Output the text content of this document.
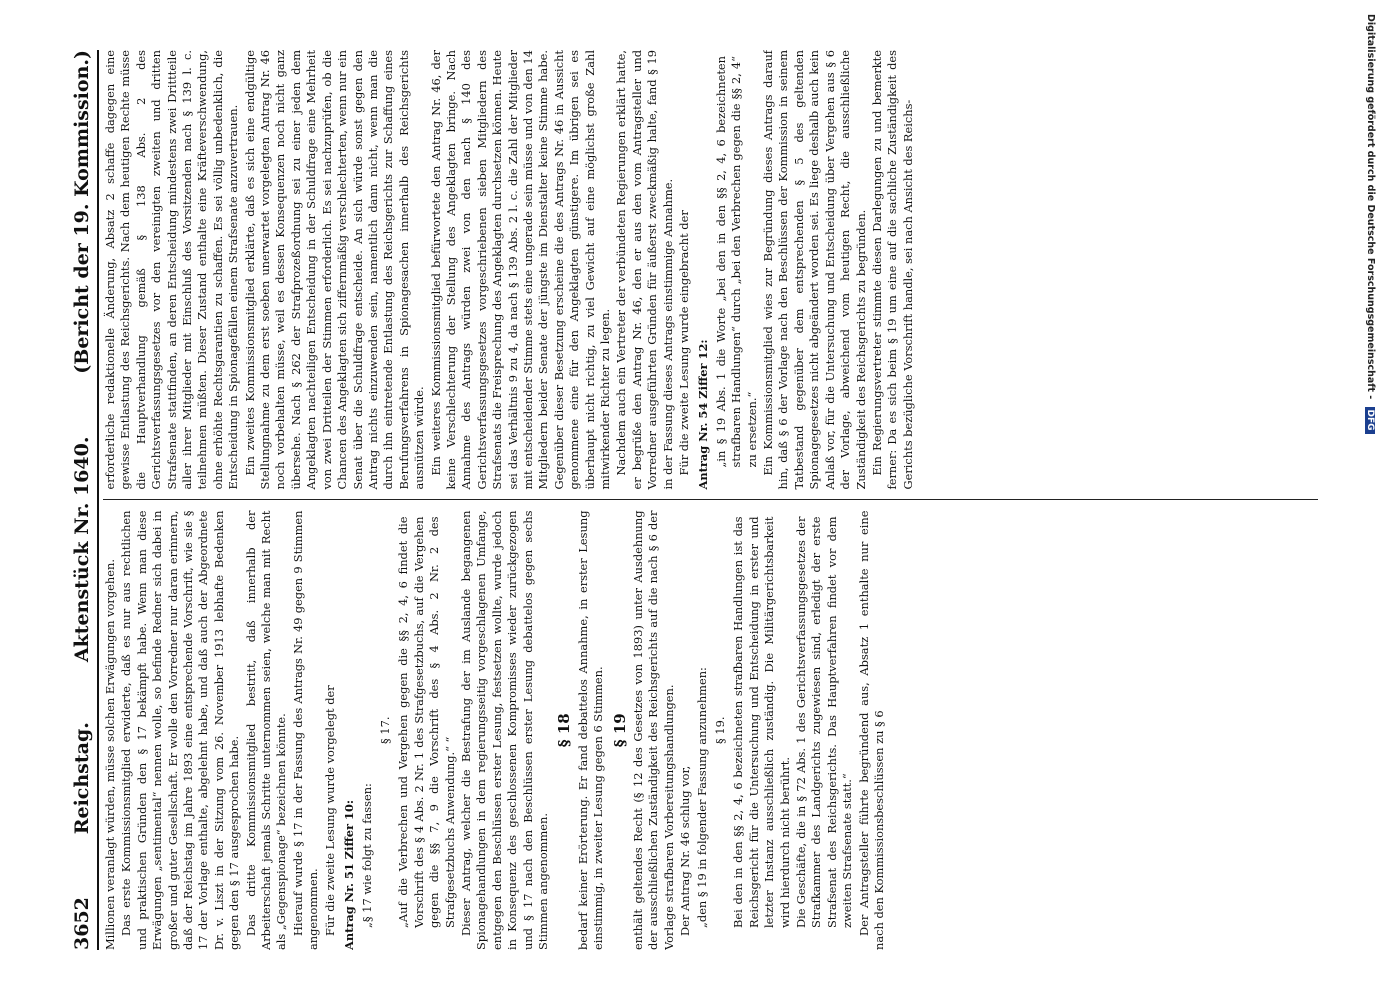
3652
Reichstag.
Aktenstück Nr. 1640.
(Bericht der 19. Kommission.)

Millionen veranlagt würden, müsse solchen Erwägungen vorgehen. Das erste Kommissionsmitglied erwiderte, daß es nur aus rechtlichen und praktischen Gründen den § 17 bekämpft habe. Wenn man diese Erwägungen „sentimental“ nennen wolle, so befinde Redner sich dabei in großer und guter Gesellschaft. Er wolle den Vorredner nur daran erinnern, daß der Reichstag im Jahre 1893 eine entsprechende Vorschrift, wie sie § 17 der Vorlage enthalte, abgelehnt habe, und daß auch der Abgeordnete Dr. v. Liszt in der Sitzung vom 26. November 1913 lebhafte Bedenken gegen den § 17 ausgesprochen habe. Das dritte Kommissionsmitglied bestritt, daß innerhalb der Arbeiterschaft jemals Schritte unternommen seien, welche man mit Recht als „Gegenspionage“ bezeichnen könnte. Hierauf wurde § 17 in der Fassung des Antrags Nr. 49 gegen 9 Stimmen angenommen. Für die zweite Lesung wurde vorgelegt der Antrag Nr. 51 Ziffer 10: „§ 17 wie folgt zu fassen:

§ 17. „Auf die Verbrechen und Vergehen gegen die §§ 2, 4, 6 findet die Vorschrift des § 4 Abs. 2 Nr. 1 des Strafgesetzbuchs, auf die Vergehen gegen die §§ 7, 9 die Vorschrift des § 4 Abs. 2 Nr. 2 des Strafgesetzbuchs Anwendung.“ “ Dieser Antrag, welcher die Bestrafung der im Auslande begangenen Spionagehandlungen in dem regierungsseitig vorgeschlagenen Umfange, entgegen den Beschlüssen erster Lesung, festsetzen wollte, wurde jedoch in Konsequenz des geschlossenen Kompromisses wieder zurückgezogen und § 17 nach den Beschlüssen erster Lesung debattelos gegen sechs Stimmen angenommen.

§ 18 bedarf keiner Erörterung. Er fand debattelos Annahme, in erster Lesung einstimmig, in zweiter Lesung gegen 6 Stimmen. § 19 enthält geltendes Recht (§ 12 des Gesetzes von 1893) unter Ausdehnung der ausschließlichen Zuständigkeit des Reichsgerichts auf die nach § 6 der Vorlage strafbaren Vorbereitungshandlungen. Der Antrag Nr. 46 schlug vor, „den § 19 in folgender Fassung anzunehmen: § 19. Bei den in den §§ 2, 4, 6 bezeichneten strafbaren Handlungen ist das Reichsgericht für die Untersuchung und Entscheidung in erster und letzter Instanz ausschließlich zuständig. Die Militärgerichtsbarkeit wird hierdurch nicht berührt. Die Geschäfte, die in § 72 Abs. 1 des Gerichtsverfassungsgesetzes der Strafkammer des Landgerichts zugewiesen sind, erledigt der erste Strafsenat des Reichsgerichts. Das Hauptverfahren findet vor dem zweiten Strafsenate statt.“ Der Antragsteller führte begründend aus, Absatz 1 enthalte nur eine nach den Kommissionsbeschlüssen zu § 6

erforderliche redaktionelle Änderung, Absatz 2 schaffe dagegen eine gewisse Entlastung des Reichsgerichts. Nach dem heutigen Rechte müsse die Hauptverhandlung gemäß § 138 Abs. 2 des Gerichtsverfassungsgesetzes vor den vereinigten zweiten und dritten Strafsenate stattfinden, an deren Entscheidung mindestens zwei Drittteile aller ihrer Mitglieder mit Einschluß des Vorsitzenden nach § 139 l. c. teilnehmen müßten. Dieser Zustand enthalte eine Kräfteverschwendung, ohne erhöhte Rechtsgarantien zu schaffen. Es sei völlig unbedenklich, die Entscheidung in Spionagefällen einem Strafsenate anzuvertrauen. Ein zweites Kommissionsmitglied erklärte, daß es sich eine endgültige Stellungnahme zu dem erst soeben unerwartet vorgelegten Antrag Nr. 46 noch vorbehalten müsse, weil es dessen Konsequenzen noch nicht ganz übersehe. Nach § 262 der Strafprozeßordnung sei zu einer jeden dem Angeklagten nachteiligen Entscheidung in der Schuldfrage eine Mehrheit von zwei Dritteilen der Stimmen erforderlich. Es sei nachzuprüfen, ob die Chancen des Angeklagten sich ziffernmäßig verschlechterten, wenn nur ein Senat über die Schuldfrage entscheide. An sich würde sonst gegen den Antrag nichts einzuwenden sein, namentlich dann nicht, wenn man die durch ihn eintretende Entlastung des Reichsgerichts zur Schaffung eines Berufungsverfahrens in Spionagesachen innerhalb des Reichsgerichts ausnützen würde. Ein weiteres Kommissionsmitglied befürwortete den Antrag Nr. 46, der keine Verschlechterung der Stellung des Angeklagten bringe. Nach Annahme des Antrags würden zwei von den nach § 140 des Gerichtsverfassungsgesetzes vorgeschriebenen sieben Mitgliedern des Strafsenats die Freisprechung des Angeklagten durchsetzen können. Heute sei das Verhältnis 9 zu 4, da nach § 139 Abs. 2 l. c. die Zahl der Mitglieder mit entscheidender Stimme stets eine ungerade sein müsse und von den 14 Mitgliedern beider Senate der jüngste im Dienstalter keine Stimme habe. Gegenüber dieser Besetzung erscheine die des Antrags Nr. 46 in Aussicht genommene eine für den Angeklagten günstigere. Im übrigen sei es überhaupt nicht richtig, zu viel Gewicht auf eine möglichst große Zahl mitwirkender Richter zu legen. Nachdem auch ein Vertreter der verbündeten Regierungen erklärt hatte, er begrüße den Antrag Nr. 46, den er aus den vom Antragsteller und Vorredner ausgeführten Gründen für äußerst zweckmäßig halte, fand § 19 in der Fassung dieses Antrags einstimmige Annahme. Für die zweite Lesung wurde eingebracht der Antrag Nr. 54 Ziffer 12: „in § 19 Abs. 1 die Worte „bei den in den §§ 2, 4, 6 bezeichneten strafbaren Handlungen“ durch „bei den Verbrechen gegen die §§ 2, 4“ zu ersetzen.“ Ein Kommissionsmitglied wies zur Begründung dieses Antrags darauf hin, daß § 6 der Vorlage nach den Beschlüssen der Kommission in seinem Tatbestand gegenüber dem entsprechenden § 5 des geltenden Spionagegesetzes nicht abgeändert worden sei. Es liege deshalb auch kein Anlaß vor, für die Untersuchung und Entscheidung über Vergehen aus § 6 der Vorlage, abweichend vom heutigen Recht, die ausschließliche Zuständigkeit des Reichsgerichts zu begründen. Ein Regierungsvertreter stimmte diesen Darlegungen zu und bemerkte ferner: Da es sich beim § 19 um eine auf die sachliche Zuständigkeit des Gerichts bezügliche Vorschrift handle, sei nach Ansicht des Reichs-	Digitalisierung gefördert durch die Deutsche Forschungsgemeinschaft - DFG
